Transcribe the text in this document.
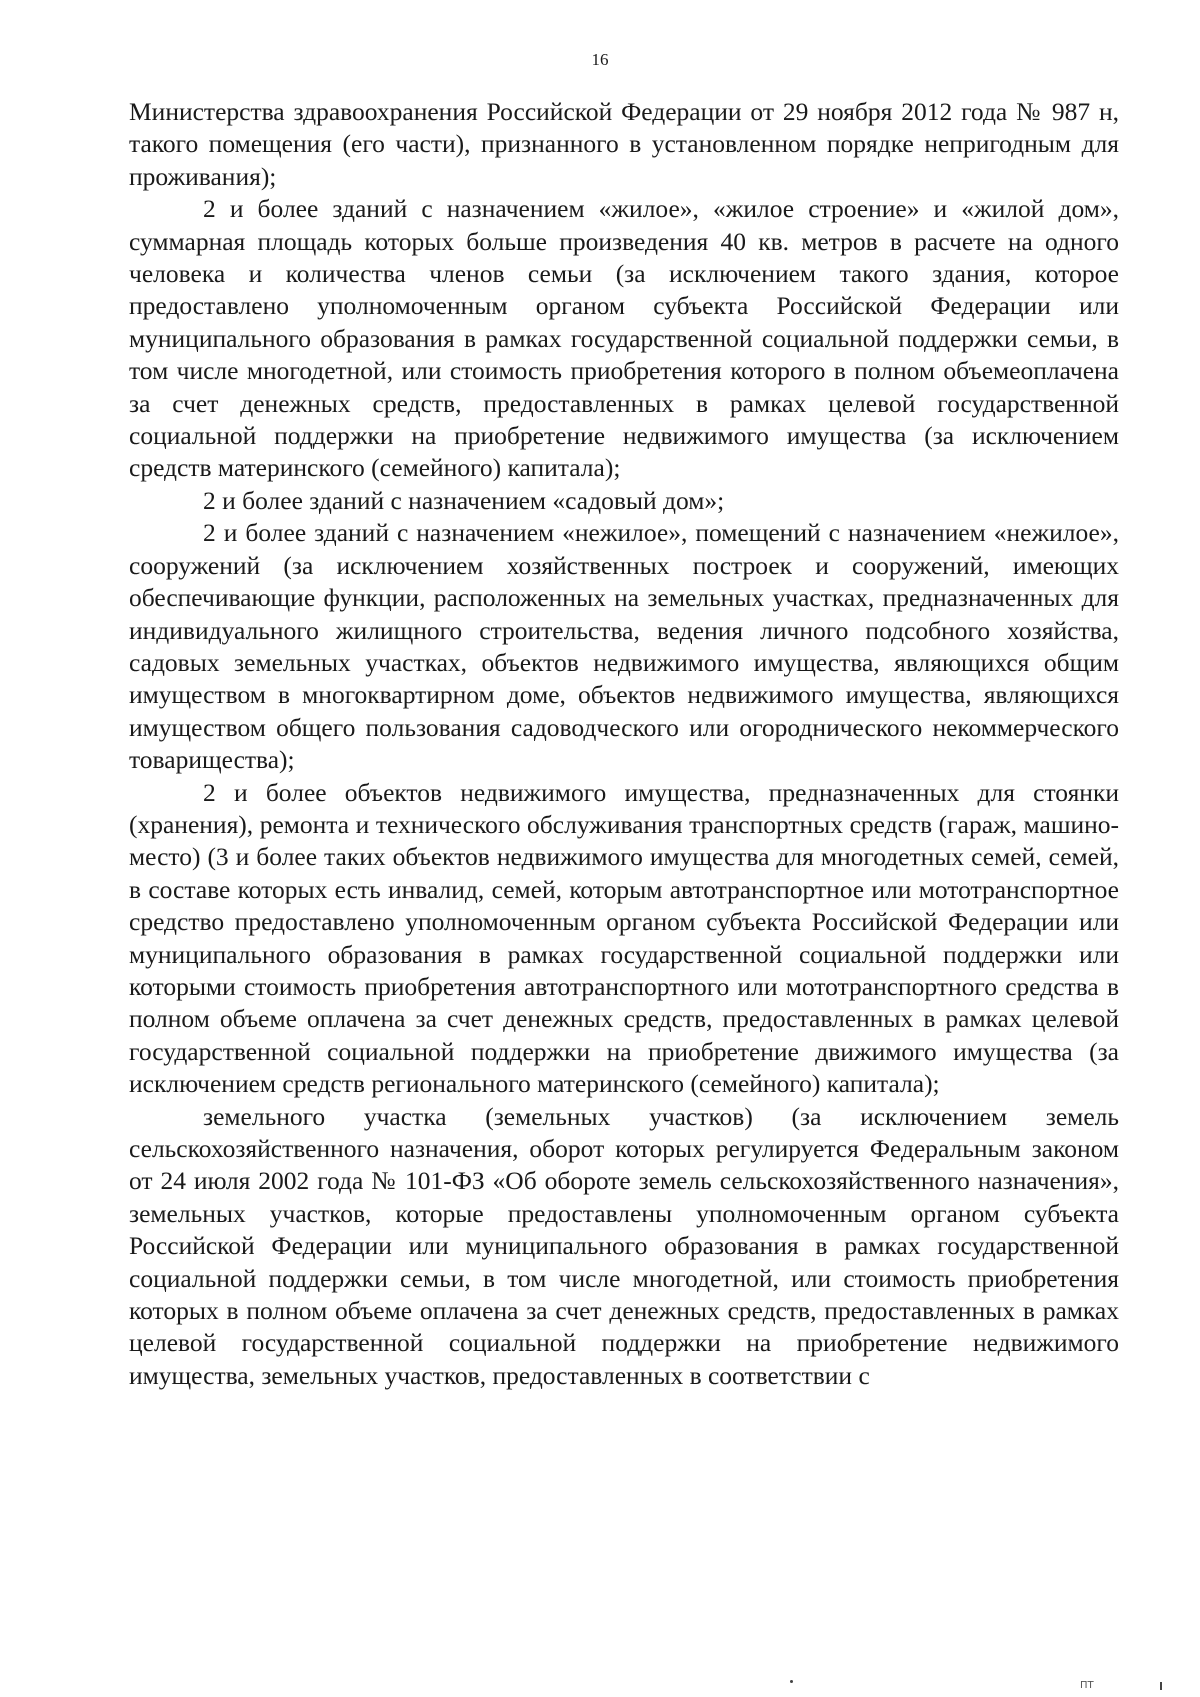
16

Министерства здравоохранения Российской Федерации от 29 ноября 2012 года № 987 н, такого помещения (его части), признанного в установленном порядке непригодным для проживания);

2 и более зданий с назначением «жилое», «жилое строение» и «жилой дом», суммарная площадь которых больше произведения 40 кв. метров в расчете на одного человека и количества членов семьи (за исключением такого здания, которое предоставлено уполномоченным органом субъекта Российской Федерации или муниципального образования в рамках государственной социальной поддержки семьи, в том числе многодетной, или стоимость приобретения которого в полном объемеоплачена за счет денежных средств, предоставленных в рамках целевой государственной социальной поддержки на приобретение недвижимого имущества (за исключением средств материнского (семейного) капитала);

2 и более зданий с назначением «садовый дом»;

2 и более зданий с назначением «нежилое», помещений с назначением «нежилое», сооружений (за исключением хозяйственных построек и сооружений, имеющих обеспечивающие функции, расположенных на земельных участках, предназначенных для индивидуального жилищного строительства, ведения личного подсобного хозяйства, садовых земельных участках, объектов недвижимого имущества, являющихся общим имуществом в многоквартирном доме, объектов недвижимого имущества, являющихся имуществом общего пользования садоводческого или огороднического некоммерческого товарищества);

2 и более объектов недвижимого имущества, предназначенных для стоянки (хранения), ремонта и технического обслуживания транспортных средств (гараж, машино-место) (3 и более таких объектов недвижимого имущества для многодетных семей, семей, в составе которых есть инвалид, семей, которым автотранспортное или мототранспортное средство предоставлено уполномоченным органом субъекта Российской Федерации или муниципального образования в рамках государственной социальной поддержки или которыми стоимость приобретения автотранспортного или мототранспортного средства в полном объеме оплачена за счет денежных средств, предоставленных в рамках целевой государственной социальной поддержки на приобретение движимого имущества (за исключением средств регионального материнского (семейного) капитала);

земельного участка (земельных участков) (за исключением земель сельскохозяйственного назначения, оборот которых регулируется Федеральным законом от 24 июля 2002 года № 101-ФЗ «Об обороте земель сельскохозяйственного назначения», земельных участков, которые предоставлены уполномоченным органом субъекта Российской Федерации или муниципального образования в рамках государственной социальной поддержки семьи, в том числе многодетной, или стоимость приобретения которых в полном объеме оплачена за счет денежных средств, предоставленных в рамках целевой государственной социальной поддержки на приобретение недвижимого имущества, земельных участков, предоставленных в соответствии с

ПТ
